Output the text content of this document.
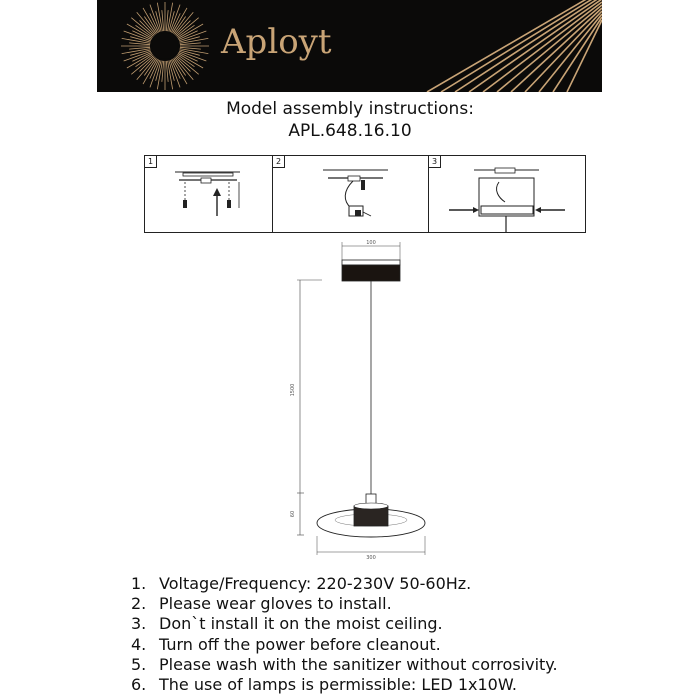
Aployt
Model assembly instructions:
APL.648.16.10
1	2	3
100
1500
60
300
1. Voltage/Frequency: 220-230V 50-60Hz.
2. Please wear gloves to install.
3. Don`t install it on the moist ceiling.
4. Turn off the power before cleanout.
5. Please wash with the sanitizer without corrosivity.
6. The use of lamps is permissible: LED 1x10W.
